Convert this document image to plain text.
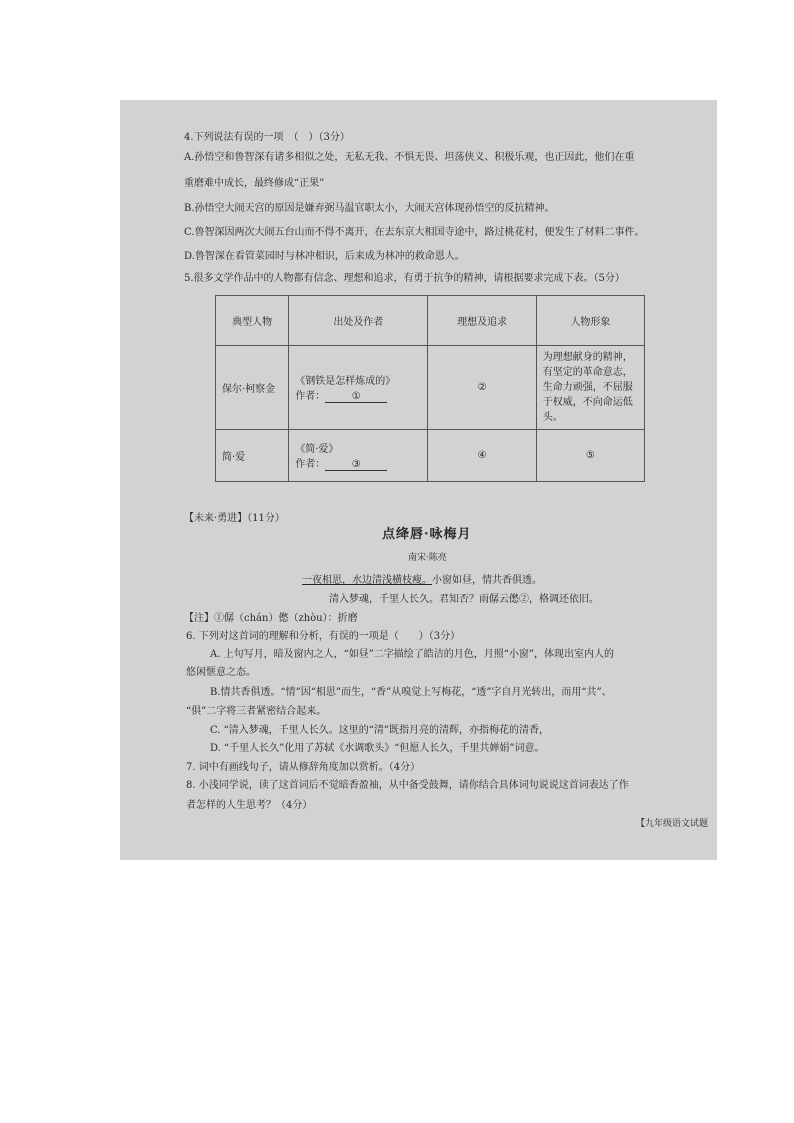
4.下列说法有误的一项　（　）（3分）
A.孙悟空和鲁智深有诸多相似之处，无私无我、不惧无畏、坦荡侠义、积极乐观，也正因此，他们在重
重磨难中成长，最终修成“正果”
B.孙悟空大闹天宫的原因是嫌弃弼马温官职太小，大闹天宫体现孙悟空的反抗精神。
C.鲁智深因两次大闹五台山而不得不离开，在去东京大相国寺途中，路过桃花村，便发生了材料二事件。
D.鲁智深在看管菜园时与林冲相识，后来成为林冲的救命恩人。
5.很多文学作品中的人物都有信念、理想和追求，有勇于抗争的精神，请根据要求完成下表。（5分）
典型人物	出处及作者	理想及追求	人物形象
保尔·柯察金	《钢铁是怎样炼成的》
作者： ①	②	为理想献身的精神，有坚定的革命意志，生命力顽强，不屈服于权威，不向命运低头。
简·爱	《简·爱》
作者： ③	④	⑤
【未来·勇进】（11分）
点绛唇·咏梅月
南宋·陈亮
一夜相思，水边清浅横枝瘦。小窗如昼，情共香俱透。
清入梦魂，千里人长久。君知否？雨僝云僽②，格调还依旧。
【注】①僝（chán）僽（zhòu）：折磨
6. 下列对这首词的理解和分析，有误的一项是（　　）（3分）
A. 上句写月，暗及窗内之人，“如昼”二字描绘了皓洁的月色，月照“小窗”，体现出室内人的
悠闲惬意之态。
B.情共香俱透。“情”因“相思”而生，“香”从嗅觉上写梅花，“透”字自月光转出，而用“共”、
“俱”二字将三者紧密结合起来。
C. “清入梦魂，千里人长久。这里的“清”既指月亮的清辉，亦指梅花的清香，
D. “千里人长久”化用了苏轼《水调歌头》“但愿人长久，千里共婵娟”词意。
7. 词中有画线句子，请从修辞角度加以赏析。（4分）
8. 小浅同学说，读了这首词后不觉暗香盈袖，从中备受鼓舞，请你结合具体词句说说这首词表达了作
者怎样的人生思考？（4分）
【九年级语文试题
